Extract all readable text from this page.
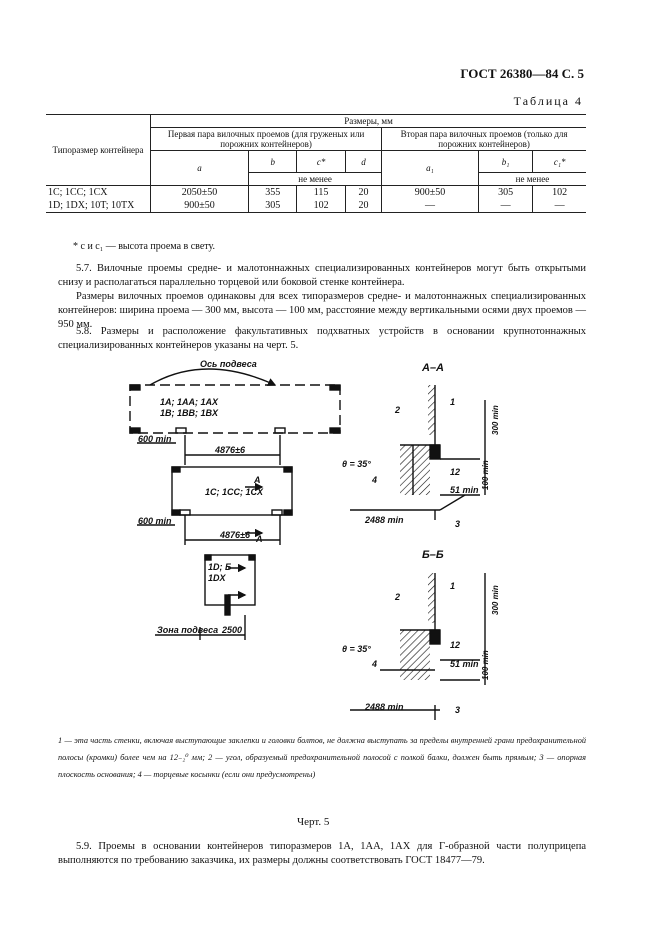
ГОСТ 26380—84 С. 5
Таблица 4
Типоразмер контейнера	Размеры, мм						
	Первая пара вилочных проемов (для груженых или порожних контейнеров)				Вторая пара вилочных проемов (только для порожних контейнеров)		
	a	b	c*	d	a₁	b₁	c₁*
		не менее				не менее	
1C; 1CC; 1CX	2050±50	355	115	20	900±50	305	102
1D; 1DX; 10T; 10TX	900±50	305	102	20	—	—	—
* c и c₁ — высота проема в свету.

5.7. Вилочные проемы средне- и малотоннажных специализированных контейнеров могут быть открытыми снизу и располагаться параллельно торцевой или боковой стенке контейнера.

Размеры вилочных проемов одинаковы для всех типоразмеров средне- и малотоннажных специализированных контейнеров: ширина проема — 300 мм, высота — 100 мм, расстояние между вертикальными осями двух проемов — 950 мм.

5.8. Размеры и расположение факультативных подхватных устройств в основании крупнотоннажных специализированных контейнеров указаны на черт. 5.

Ось подвеса
1A; 1AA; 1AX
1B; 1BB; 1BX
600 min
4876±6
1C; 1CC; 1CX
A
600 min
4876±6 A
1D; Б
1DX
Зона подвеса 2500
А–А
1
2
4
3
θ = 35°
12
51 min
2488 min
Б–Б
1
2
4
3
θ = 35°	12
51 min
2488 min
300 min
100 min
300 min
100 min
1 — эта часть стенки, включая выступающие заклепки и головки болтов, не должна выступать за пределы внутренней грани предохранительной полосы (кромки) более чем на 12₋₂⁰ мм; 2 — угол, образуемый предохранительной полосой с полкой балки, должен быть прямым; 3 — опорная плоскость основания; 4 — торцевые косынки (если они предусмотрены)
Черт. 5

5.9. Проемы в основании контейнеров типоразмеров 1A, 1AA, 1AX для Г-образной части полуприцепа выполняются по требованию заказчика, их размеры должны соответствовать ГОСТ 18477—79.
